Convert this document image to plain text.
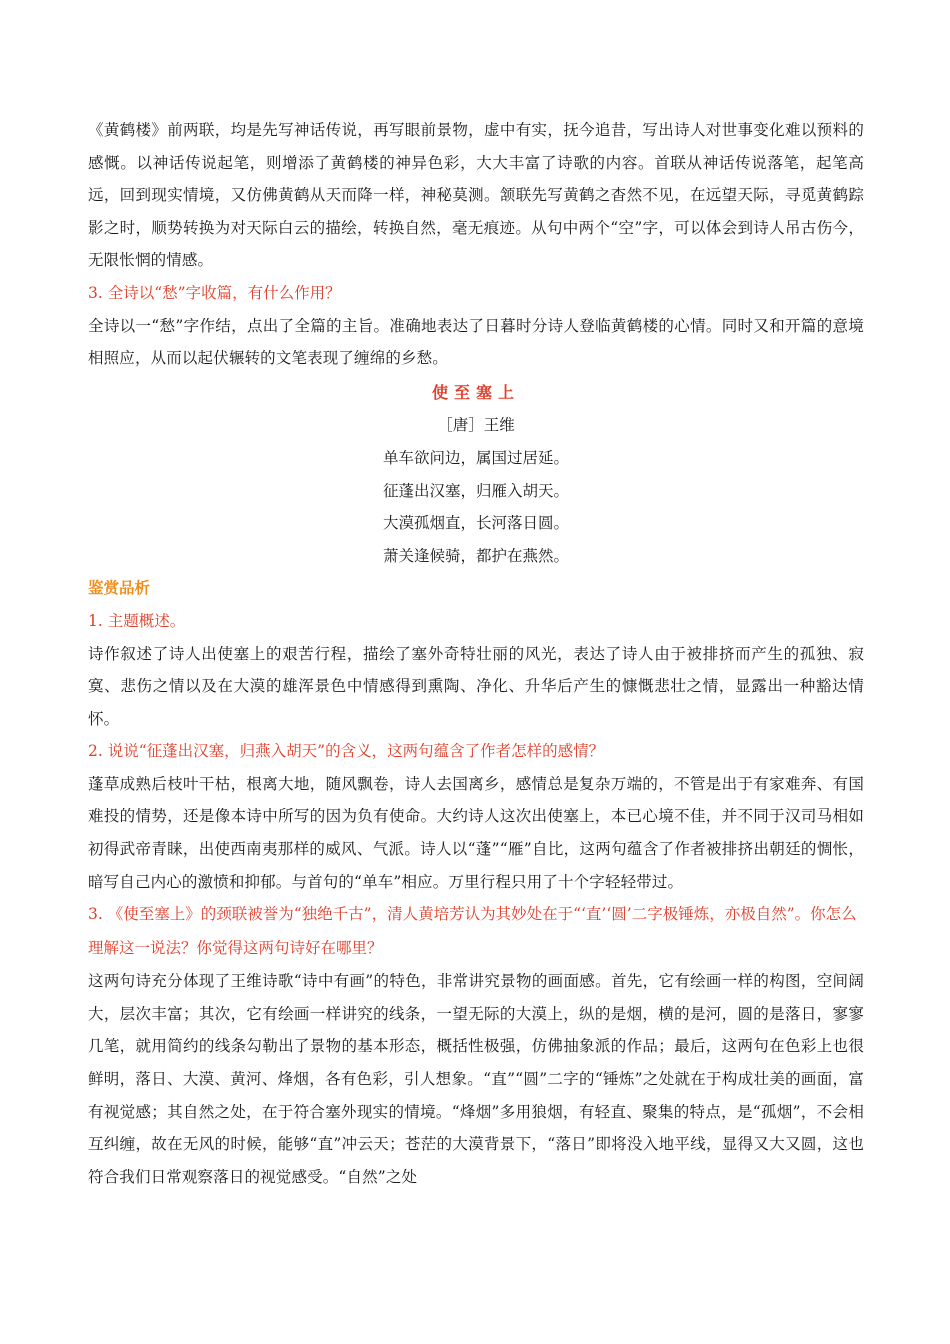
《黄鹤楼》前两联，均是先写神话传说，再写眼前景物，虚中有实，抚今追昔，写出诗人对世事变化难以预料的感慨。以神话传说起笔，则增添了黄鹤楼的神异色彩，大大丰富了诗歌的内容。首联从神话传说落笔，起笔高远，回到现实情境，又仿佛黄鹤从天而降一样，神秘莫测。颔联先写黄鹤之杳然不见，在远望天际，寻觅黄鹤踪影之时，顺势转换为对天际白云的描绘，转换自然，毫无痕迹。从句中两个“空”字，可以体会到诗人吊古伤今，无限怅惘的情感。

3. 全诗以“愁”字收篇，有什么作用？

全诗以一“愁”字作结，点出了全篇的主旨。准确地表达了日暮时分诗人登临黄鹤楼的心情。同时又和开篇的意境相照应，从而以起伏辗转的文笔表现了缠绵的乡愁。

使至塞上

［唐］王维

单车欲问边，属国过居延。

征蓬出汉塞，归雁入胡天。

大漠孤烟直，长河落日圆。

萧关逢候骑，都护在燕然。

鉴赏品析

1. 主题概述。

诗作叙述了诗人出使塞上的艰苦行程，描绘了塞外奇特壮丽的风光，表达了诗人由于被排挤而产生的孤独、寂寞、悲伤之情以及在大漠的雄浑景色中情感得到熏陶、净化、升华后产生的慷慨悲壮之情，显露出一种豁达情怀。

2. 说说“征蓬出汉塞，归燕入胡天”的含义，这两句蕴含了作者怎样的感情？

蓬草成熟后枝叶干枯，根离大地，随风飘卷，诗人去国离乡，感情总是复杂万端的，不管是出于有家难奔、有国难投的情势，还是像本诗中所写的因为负有使命。大约诗人这次出使塞上，本已心境不佳，并不同于汉司马相如初得武帝青睐，出使西南夷那样的威风、气派。诗人以“蓬”“雁”自比，这两句蕴含了作者被排挤出朝廷的惆怅，暗写自己内心的激愤和抑郁。与首句的“单车”相应。万里行程只用了十个字轻轻带过。

3. 《使至塞上》的颈联被誉为“独绝千古”，清人黄培芳认为其妙处在于“‘直’‘圆’二字极锤炼，亦极自然”。你怎么理解这一说法？你觉得这两句诗好在哪里？

这两句诗充分体现了王维诗歌“诗中有画”的特色，非常讲究景物的画面感。首先，它有绘画一样的构图，空间阔大，层次丰富；其次，它有绘画一样讲究的线条，一望无际的大漠上，纵的是烟，横的是河，圆的是落日，寥寥几笔，就用简约的线条勾勒出了景物的基本形态，概括性极强，仿佛抽象派的作品；最后，这两句在色彩上也很鲜明，落日、大漠、黄河、烽烟，各有色彩，引人想象。“直”“圆”二字的“锤炼”之处就在于构成壮美的画面，富有视觉感；其自然之处，在于符合塞外现实的情境。“烽烟”多用狼烟，有轻直、聚集的特点，是“孤烟”，不会相互纠缠，故在无风的时候，能够“直”冲云天；苍茫的大漠背景下，“落日”即将没入地平线，显得又大又圆，这也符合我们日常观察落日的视觉感受。“自然”之处
